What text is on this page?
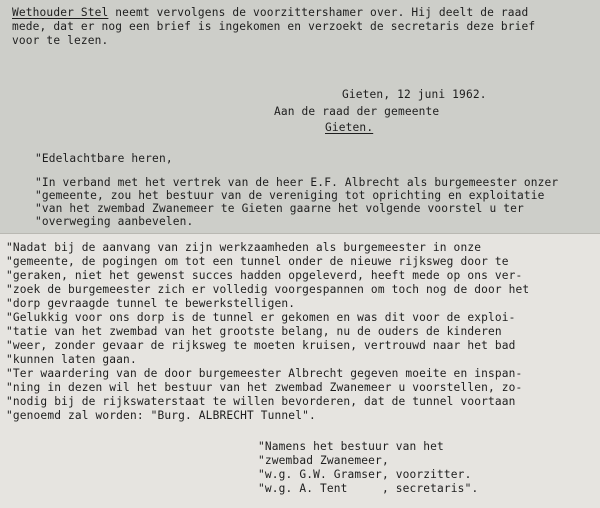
Wethouder Stel neemt vervolgens de voorzittershamer over. Hij deelt de raad
mede, dat er nog een brief is ingekomen en verzoekt de secretaris deze brief
voor te lezen.
Gieten, 12 juni 1962.
Aan de raad der gemeente
Gieten.
"Edelachtbare heren,
"In verband met het vertrek van de heer E.F. Albrecht als burgemeester onzer
"gemeente, zou het bestuur van de vereniging tot oprichting en exploitatie
"van het zwembad Zwanemeer te Gieten gaarne het volgende voorstel u ter
"overweging aanbevelen.
"Nadat bij de aanvang van zijn werkzaamheden als burgemeester in onze
"gemeente, de pogingen om tot een tunnel onder de nieuwe rijksweg door te
"geraken, niet het gewenst succes hadden opgeleverd, heeft mede op ons ver-
"zoek de burgemeester zich er volledig voorgespannen om toch nog de door het
"dorp gevraagde tunnel te bewerkstelligen.
"Gelukkig voor ons dorp is de tunnel er gekomen en was dit voor de exploi-
"tatie van het zwembad van het grootste belang, nu de ouders de kinderen
"weer, zonder gevaar de rijksweg te moeten kruisen, vertrouwd naar het bad
"kunnen laten gaan.
"Ter waardering van de door burgemeester Albrecht gegeven moeite en inspan-
"ning in dezen wil het bestuur van het zwembad Zwanemeer u voorstellen, zo-
"nodig bij de rijkswaterstaat te willen bevorderen, dat de tunnel voortaan
"genoemd zal worden: "Burg. ALBRECHT Tunnel".
"Namens het bestuur van het
"zwembad Zwanemeer,
"w.g. G.W. Gramser, voorzitter.
"w.g. A. Tent     , secretaris".
